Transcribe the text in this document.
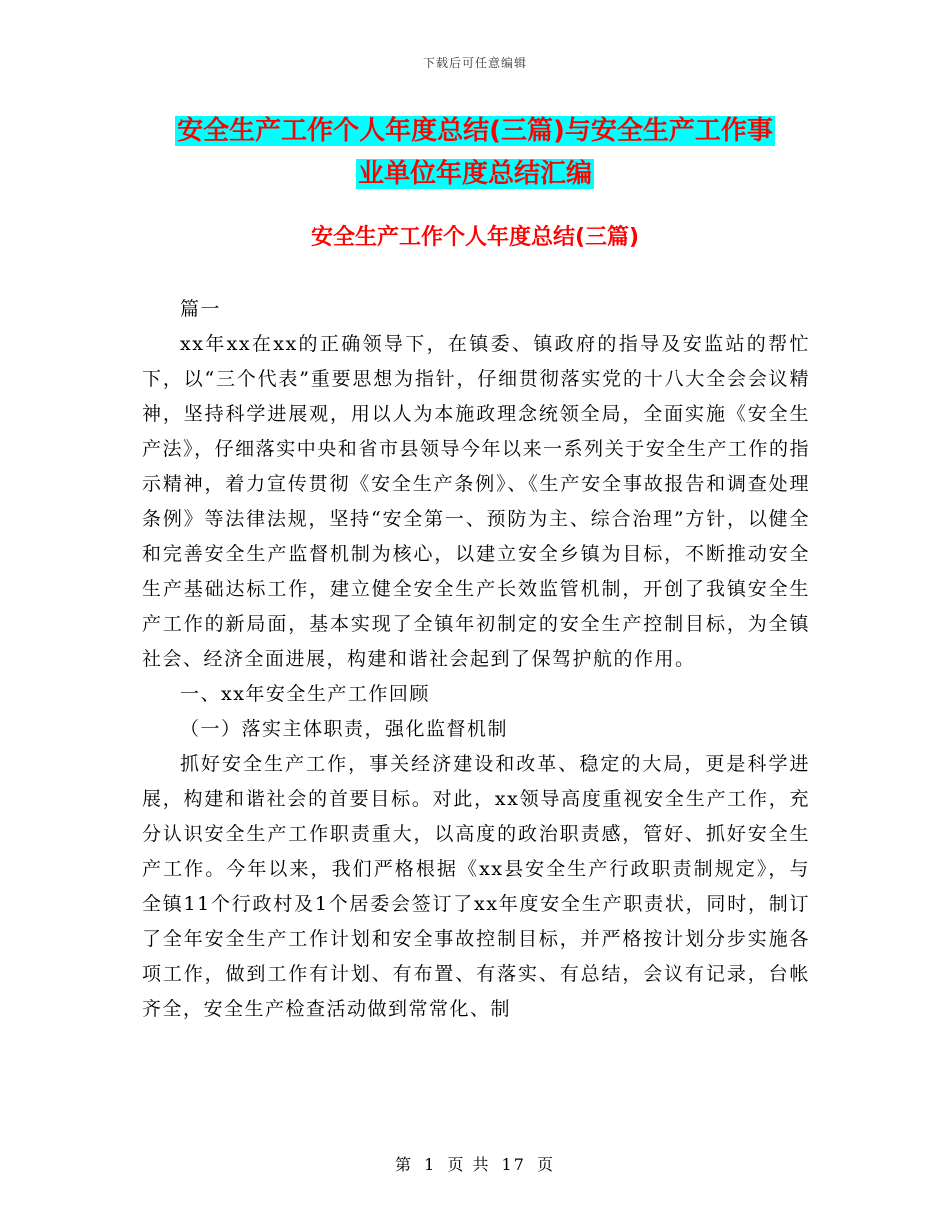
下载后可任意编辑
安全生产工作个人年度总结(三篇)与安全生产工作事
业单位年度总结汇编
安全生产工作个人年度总结(三篇)

篇一

xx年xx在xx的正确领导下，在镇委、镇政府的指导及安监站的帮忙下，以“三个代表”重要思想为指针，仔细贯彻落实党的十八大全会会议精神，坚持科学进展观，用以人为本施政理念统领全局，全面实施《安全生产法》，仔细落实中央和省市县领导今年以来一系列关于安全生产工作的指示精神，着力宣传贯彻《安全生产条例》、《生产安全事故报告和调查处理条例》等法律法规，坚持“安全第一、预防为主、综合治理”方针，以健全和完善安全生产监督机制为核心，以建立安全乡镇为目标，不断推动安全生产基础达标工作，建立健全安全生产长效监管机制，开创了我镇安全生产工作的新局面，基本实现了全镇年初制定的安全生产控制目标，为全镇社会、经济全面进展，构建和谐社会起到了保驾护航的作用。

一、xx年安全生产工作回顾

（一）落实主体职责，强化监督机制

抓好安全生产工作，事关经济建设和改革、稳定的大局，更是科学进展，构建和谐社会的首要目标。对此，xx领导高度重视安全生产工作，充分认识安全生产工作职责重大，以高度的政治职责感，管好、抓好安全生产工作。今年以来，我们严格根据《xx县安全生产行政职责制规定》，与全镇11个行政村及1个居委会签订了xx年度安全生产职责状，同时，制订了全年安全生产工作计划和安全事故控制目标，并严格按计划分步实施各项工作，做到工作有计划、有布置、有落实、有总结，会议有记录，台帐齐全，安全生产检查活动做到常常化、制

第 1 页 共 17 页
